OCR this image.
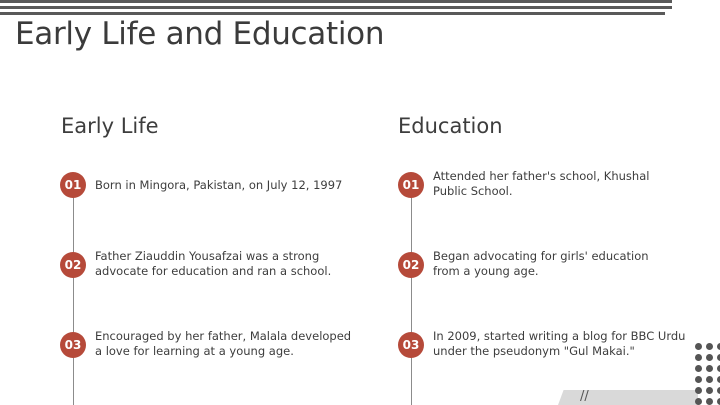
Early Life and Education
Early Life
01	Born in Mingora, Pakistan, on July 12, 1997
02
Father Ziauddin Yousafzai was a strong
advocate for education and ran a school.
03
Encouraged by her father, Malala developed
a love for learning at a young age.
Education
01
Attended her father's school, Khushal
Public School.
02
Began advocating for girls' education
from a young age.
03
In 2009, started writing a blog for BBC Urdu
under the pseudonym "Gul Makai."
//
